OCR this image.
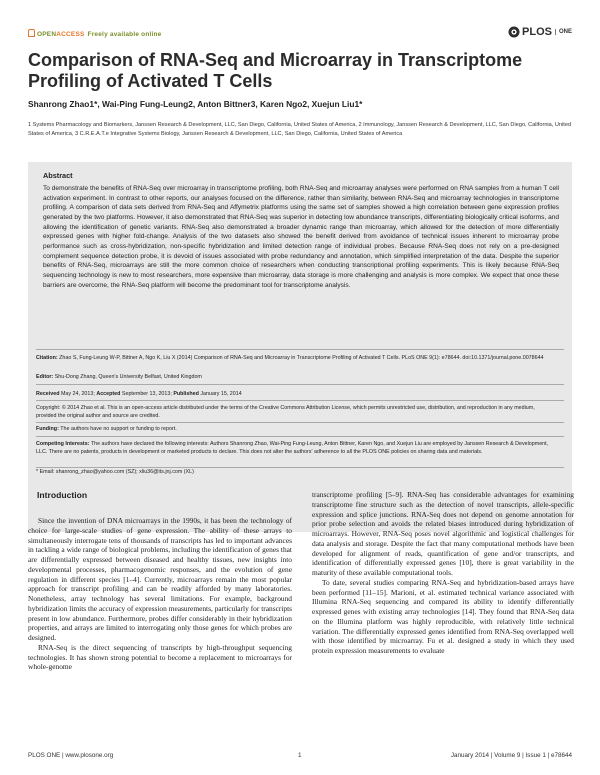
OPENACCESS Freely available online	PLOS	ONE
Comparison of RNA-Seq and Microarray in Transcriptome Profiling of Activated T Cells
Shanrong Zhao1*, Wai-Ping Fung-Leung2, Anton Bittner3, Karen Ngo2, Xuejun Liu1*
1 Systems Pharmacology and Biomarkers, Janssen Research & Development, LLC, San Diego, California, United States of America, 2 Immunology, Janssen Research & Development, LLC, San Diego, California, United States of America, 3 C.R.E.A.T.e Integrative Systems Biology, Janssen Research & Development, LLC, San Diego, California, United States of America
Abstract
To demonstrate the benefits of RNA-Seq over microarray in transcriptome profiling, both RNA-Seq and microarray analyses were performed on RNA samples from a human T cell activation experiment. In contrast to other reports, our analyses focused on the difference, rather than similarity, between RNA-Seq and microarray technologies in transcriptome profiling. A comparison of data sets derived from RNA-Seq and Affymetrix platforms using the same set of samples showed a high correlation between gene expression profiles generated by the two platforms. However, it also demonstrated that RNA-Seq was superior in detecting low abundance transcripts, differentiating biologically critical isoforms, and allowing the identification of genetic variants. RNA-Seq also demonstrated a broader dynamic range than microarray, which allowed for the detection of more differentially expressed genes with higher fold-change. Analysis of the two datasets also showed the benefit derived from avoidance of technical issues inherent to microarray probe performance such as cross-hybridization, non-specific hybridization and limited detection range of individual probes. Because RNA-Seq does not rely on a pre-designed complement sequence detection probe, it is devoid of issues associated with probe redundancy and annotation, which simplified interpretation of the data. Despite the superior benefits of RNA-Seq, microarrays are still the more common choice of researchers when conducting transcriptional profiling experiments. This is likely because RNA-Seq sequencing technology is new to most researchers, more expensive than microarray, data storage is more challenging and analysis is more complex. We expect that once these barriers are overcome, the RNA-Seq platform will become the predominant tool for transcriptome analysis.
Citation: Zhao S, Fung-Leung W-P, Bittner A, Ngo K, Liu X (2014) Comparison of RNA-Seq and Microarray in Transcriptome Profiling of Activated T Cells. PLoS ONE 9(1): e78644. doi:10.1371/journal.pone.0078644
Editor: Shu-Dong Zhang, Queen's University Belfast, United Kingdom
Received May 24, 2013; Accepted September 13, 2013; Published January 15, 2014
Copyright: © 2014 Zhao et al. This is an open-access article distributed under the terms of the Creative Commons Attribution License, which permits unrestricted use, distribution, and reproduction in any medium, provided the original author and source are credited.
Funding: The authors have no support or funding to report.
Competing Interests: The authors have declared the following interests: Authors Shanrong Zhao, Wai-Ping Fung-Leung, Anton Bittner, Karen Ngo, and Xuejun Liu are employed by Janssen Research & Development, LLC. There are no patents, products in development or marketed products to declare. This does not alter the authors' adherence to all the PLOS ONE policies on sharing data and materials.
* Email: shanrong_zhao@yahoo.com (SZ); xliu36@its.jnj.com (XL)
Introduction

Since the invention of DNA microarrays in the 1990s, it has been the technology of choice for large-scale studies of gene expression. The ability of these arrays to simultaneously interrogate tens of thousands of transcripts has led to important advances in tackling a wide range of biological problems, including the identification of genes that are differentially expressed between diseased and healthy tissues, new insights into developmental processes, pharmacogenomic responses, and the evolution of gene regulation in different species [1–4]. Currently, microarrays remain the most popular approach for transcript profiling and can be readily afforded by many laboratories. Nonetheless, array technology has several limitations. For example, background hybridization limits the accuracy of expression measurements, particularly for transcripts present in low abundance. Furthermore, probes differ considerably in their hybridization properties, and arrays are limited to interrogating only those genes for which probes are designed.

RNA-Seq is the direct sequencing of transcripts by high-throughput sequencing technologies. It has shown strong potential to become a replacement to microarrays for whole-genome

transcriptome profiling [5–9]. RNA-Seq has considerable advantages for examining transcriptome fine structure such as the detection of novel transcripts, allele-specific expression and splice junctions. RNA-Seq does not depend on genome annotation for prior probe selection and avoids the related biases introduced during hybridization of microarrays. However, RNA-Seq poses novel algorithmic and logistical challenges for data analysis and storage. Despite the fact that many computational methods have been developed for alignment of reads, quantification of gene and/or transcripts, and identification of differentially expressed genes [10], there is great variability in the maturity of these available computational tools.

To date, several studies comparing RNA-Seq and hybridization-based arrays have been performed [11–15]. Marioni, et al. estimated technical variance associated with Illumina RNA-Seq sequencing and compared its ability to identify differentially expressed genes with existing array technologies [14]. They found that RNA-Seq data on the Illumina platform was highly reproducible, with relatively little technical variation. The differentially expressed genes identified from RNA-Seq overlapped well with those identified by microarray. Fu et al. designed a study in which they used protein expression measurements to evaluate

PLOS ONE | www.plosone.org	1	January 2014 | Volume 9 | Issue 1 | e78644
